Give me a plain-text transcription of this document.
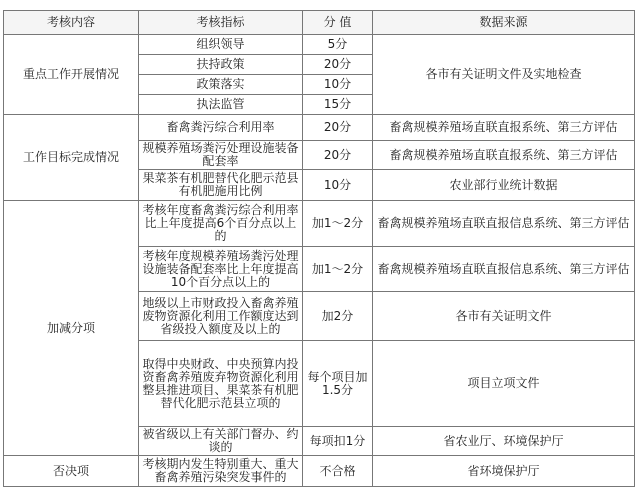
考核内容	考核指标	分 值	数据来源
重点工作开展情况	组织领导	5分	各市有关证明文件及实地检查
	扶持政策	20分	
	政策落实	10分	
	执法监管	15分	
工作目标完成情况	畜禽粪污综合利用率	20分	畜禽规模养殖场直联直报系统、第三方评估
	规模养殖场粪污处理设施装备配套率	20分	畜禽规模养殖场直联直报系统、第三方评估
	果菜茶有机肥替代化肥示范县有机肥施用比例	10分	农业部行业统计数据
加减分项	考核年度畜禽粪污综合利用率比上年度提高6个百分点以上的	加1～2分	畜禽规模养殖场直联直报信息系统、第三方评估
	考核年度规模养殖场粪污处理设施装备配套率比上年度提高10个百分点以上的	加1～2分	畜禽规模养殖场直联直报信息系统、第三方评估
	地级以上市财政投入畜禽养殖废物资源化利用工作额度达到省级投入额度及以上的	加2分	各市有关证明文件
	取得中央财政、中央预算内投资畜禽养殖废弃物资源化利用整县推进项目、果菜茶有机肥替代化肥示范县立项的	每个项目加1.5分	项目立项文件
	被省级以上有关部门督办、约谈的	每项扣1分	省农业厅、环境保护厅
否决项	考核期内发生特别重大、重大畜禽养殖污染突发事件的	不合格	省环境保护厅
